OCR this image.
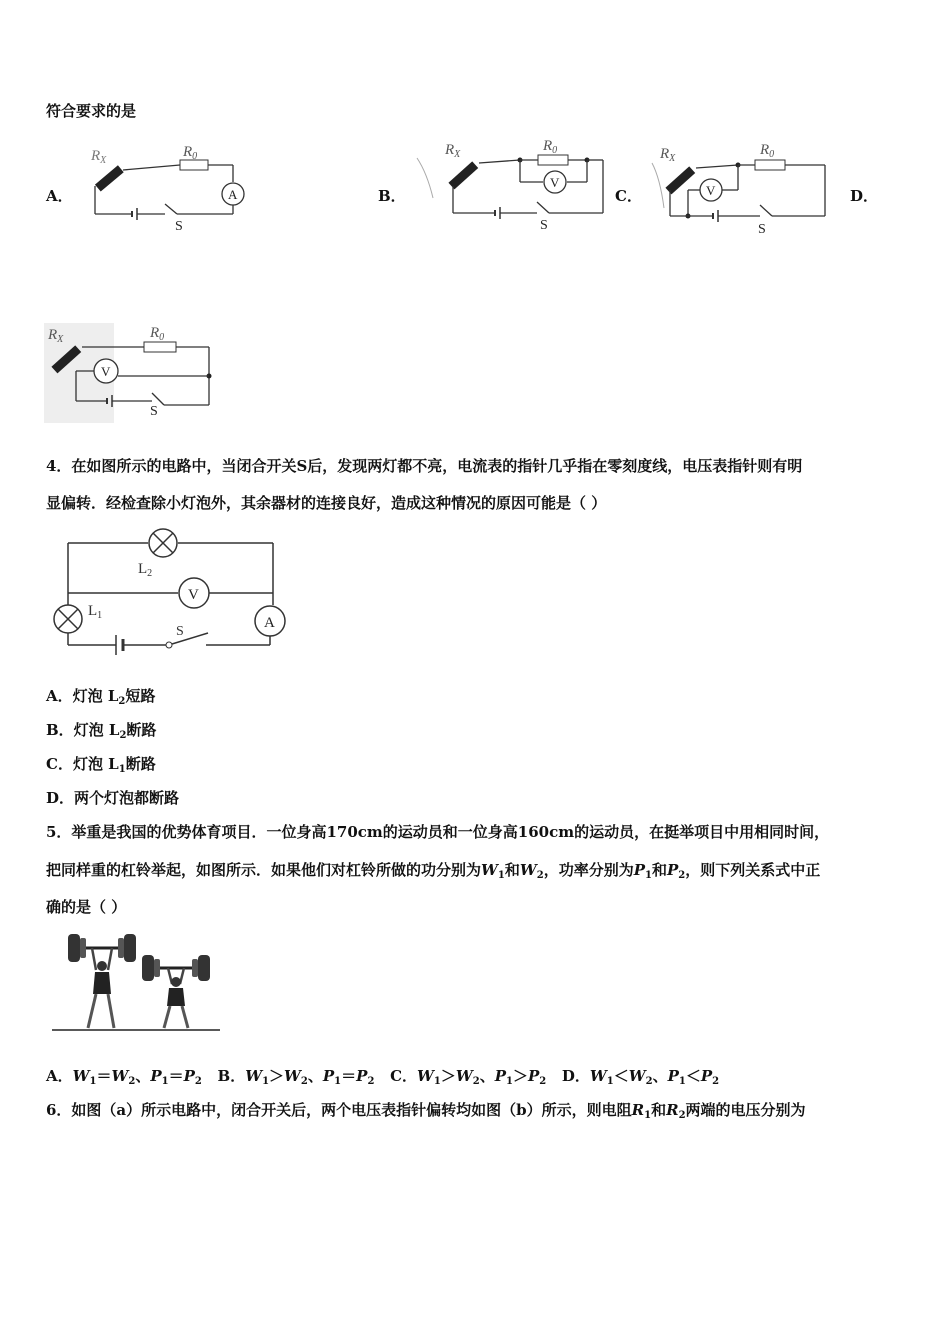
符合要求的是
A．
$R_X$
$R_0$
A
S
B．
$R_X$
$R_0$
V
S
C．
$R_X$
$R_0$
V
S
D．
$R_X$	$R_0$
V
S
4．在如图所示的电路中，当闭合开关S后，发现两灯都不亮，电流表的指针几乎指在零刻度线，电压表指针则有明
显偏转．经检查除小灯泡外，其余器材的连接良好，造成这种情况的原因可能是（ ）
$L_2$
V
$L_1$	A
S
A．灯泡 $L_2$短路
B．灯泡 $L_2$断路
C．灯泡 $L_1$断路
D．两个灯泡都断路
5．举重是我国的优势体育项目．一位身高170cm的运动员和一位身高160cm的运动员，在挺举项目中用相同时间，
把同样重的杠铃举起，如图所示．如果他们对杠铃所做的功分别为$W_1$和$W_2$，功率分别为$P_1$和$P_2$，则下列关系式中正
确的是（ ）
A．$W_1=W_2$、$P_1=P_2$ B．$W_1>W_2$、$P_1=P_2$ C．$W_1>W_2$、$P_1>P_2$ D．$W_1<W_2$、$P_1<P_2$
6．如图（a）所示电路中，闭合开关后，两个电压表指针偏转均如图（b）所示，则电阻$R_1$和$R_2$两端的电压分别为
